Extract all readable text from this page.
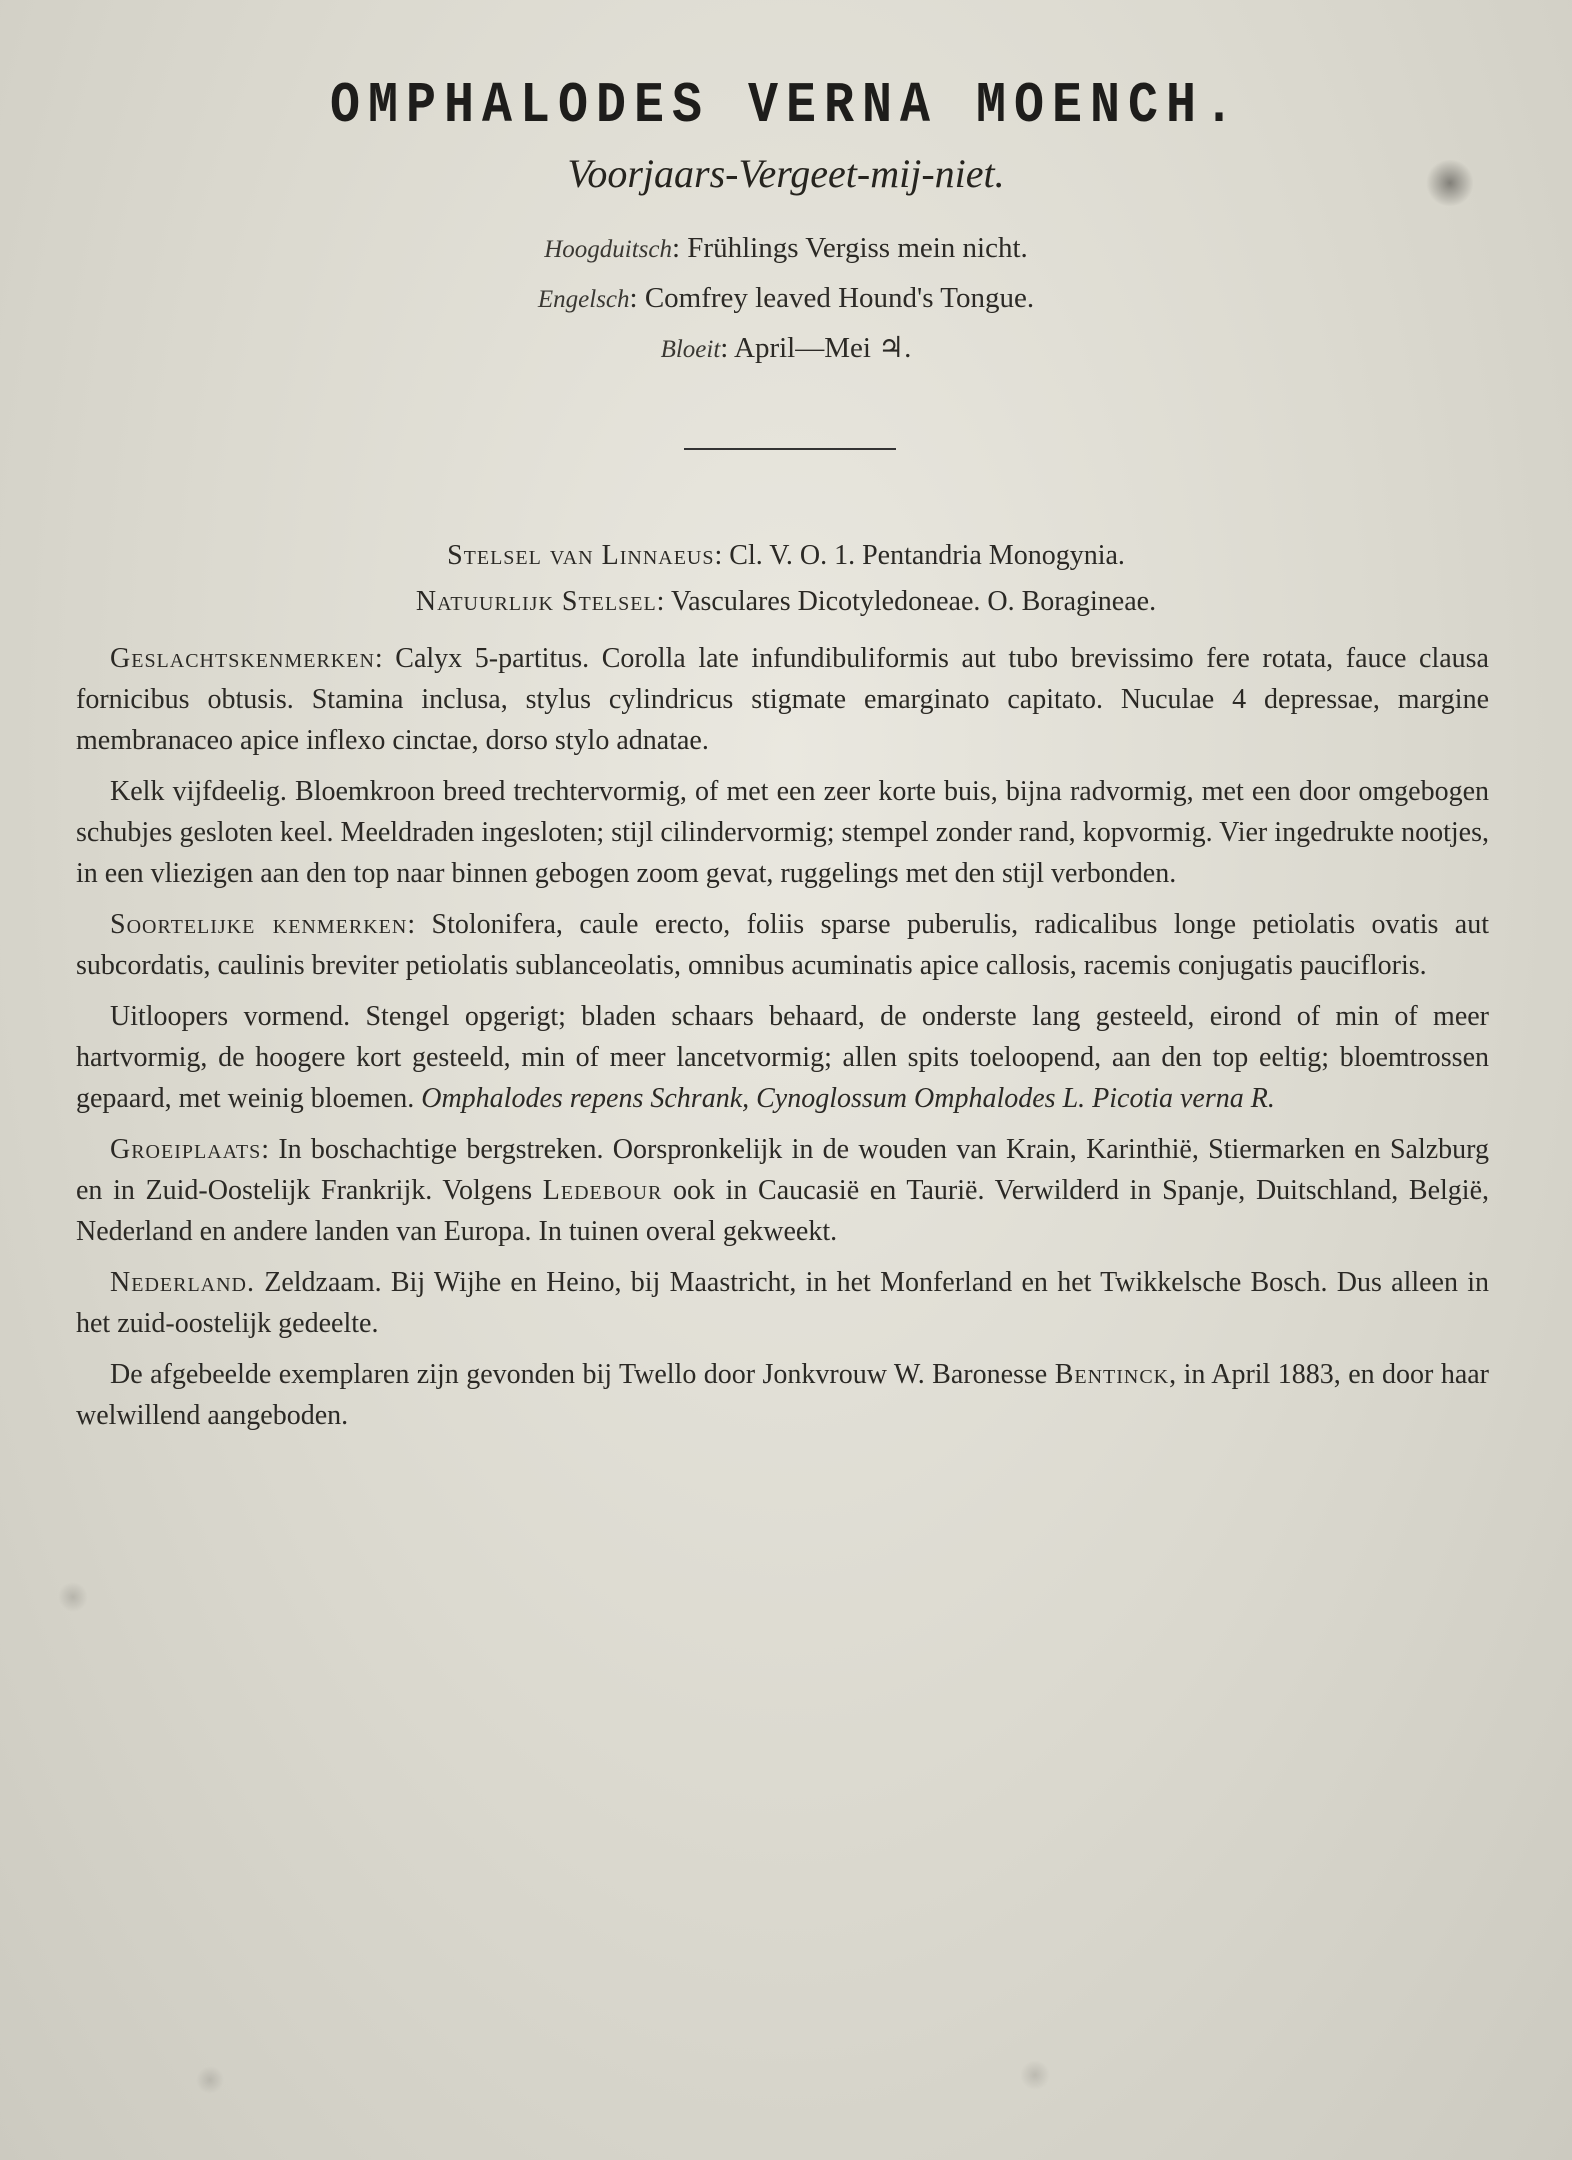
OMPHALODES VERNA MOENCH.
Voorjaars-Vergeet-mij-niet.
Hoogduitsch: Frühlings Vergiss mein nicht.
Engelsch: Comfrey leaved Hound's Tongue.
Bloeit: April—Mei ♃.
Stelsel van Linnaeus: Cl. V. O. 1. Pentandria Monogynia.
Natuurlijk Stelsel: Vasculares Dicotyledoneae. O. Boragineae.

Geslachtskenmerken: Calyx 5-partitus. Corolla late infundibuliformis aut tubo brevissimo fere rotata, fauce clausa fornicibus obtusis. Stamina inclusa, stylus cylindricus stigmate emarginato capitato. Nuculae 4 depressae, margine membranaceo apice inflexo cinctae, dorso stylo adnatae.

Kelk vijfdeelig. Bloemkroon breed trechtervormig, of met een zeer korte buis, bijna radvormig, met een door omgebogen schubjes gesloten keel. Meeldraden ingesloten; stijl cilindervormig; stempel zonder rand, kopvormig. Vier ingedrukte nootjes, in een vliezigen aan den top naar binnen gebogen zoom gevat, ruggelings met den stijl verbonden.

Soortelijke kenmerken: Stolonifera, caule erecto, foliis sparse puberulis, radicalibus longe petiolatis ovatis aut subcordatis, caulinis breviter petiolatis sublanceolatis, omnibus acuminatis apice callosis, racemis conjugatis paucifloris.

Uitloopers vormend. Stengel opgerigt; bladen schaars behaard, de onderste lang gesteeld, eirond of min of meer hartvormig, de hoogere kort gesteeld, min of meer lancetvormig; allen spits toeloopend, aan den top eeltig; bloemtrossen gepaard, met weinig bloemen. Omphalodes repens Schrank, Cynoglossum Omphalodes L. Picotia verna R.

Groeiplaats: In boschachtige bergstreken. Oorspronkelijk in de wouden van Krain, Karinthië, Stiermarken en Salzburg en in Zuid-Oostelijk Frankrijk. Volgens Ledebour ook in Caucasië en Taurië. Verwilderd in Spanje, Duitschland, België, Nederland en andere landen van Europa. In tuinen overal gekweekt.

Nederland. Zeldzaam. Bij Wijhe en Heino, bij Maastricht, in het Monferland en het Twikkelsche Bosch. Dus alleen in het zuid-oostelijk gedeelte.

De afgebeelde exemplaren zijn gevonden bij Twello door Jonkvrouw W. Baronesse Bentinck, in April 1883, en door haar welwillend aangeboden.
